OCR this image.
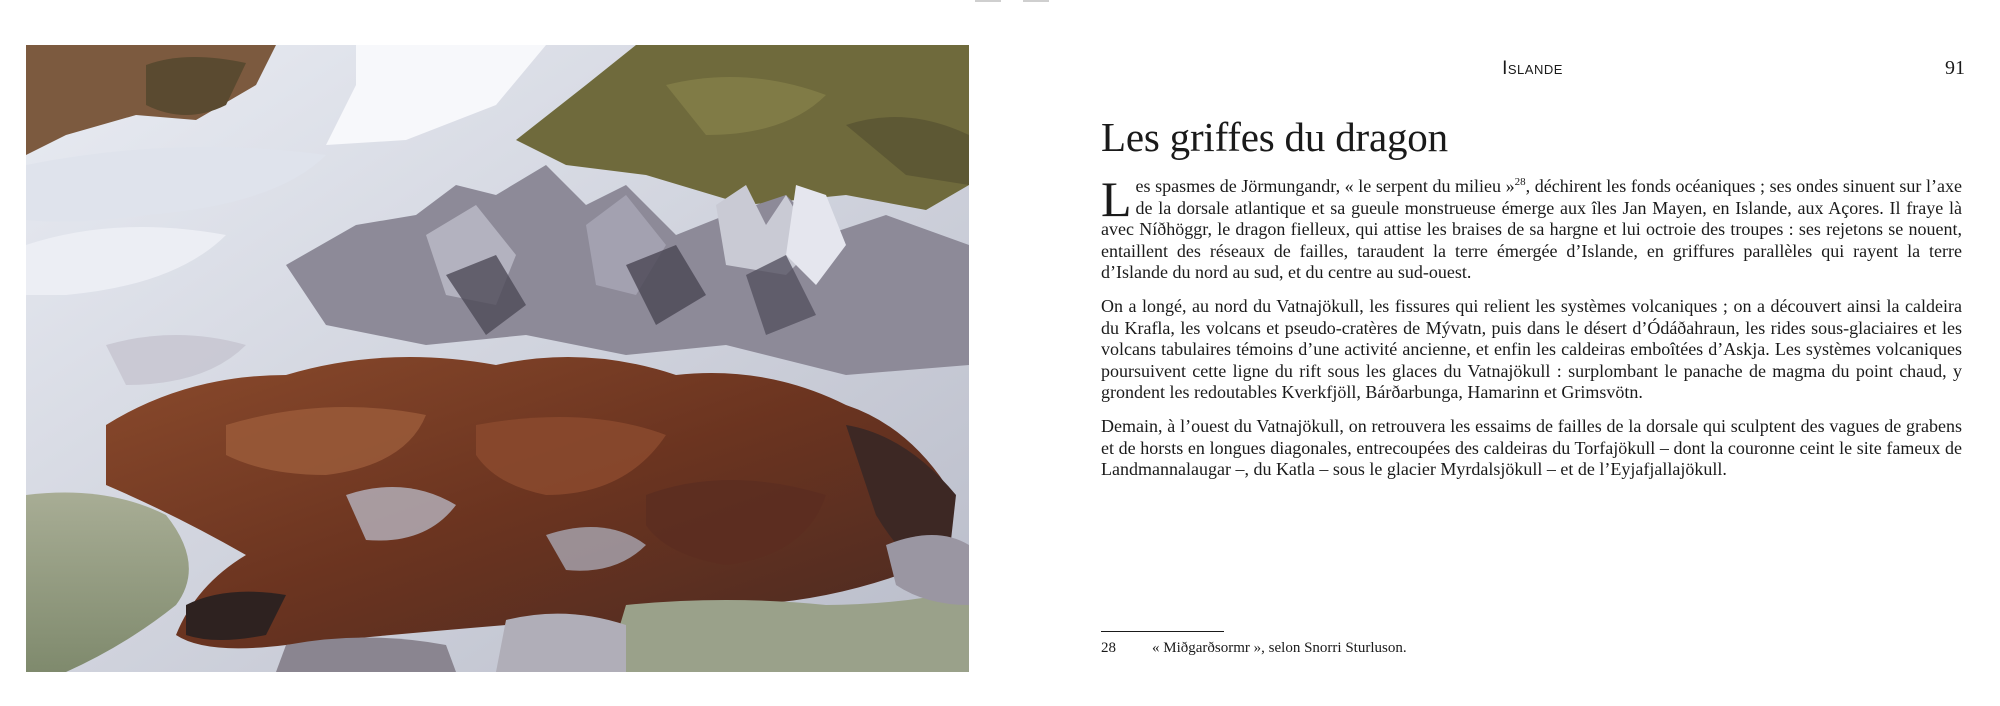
Islande	91
Les griffes du dragon

Les spasmes de Jörmungandr, « le serpent du milieu »$^{28}$, déchirent les fonds océaniques ; ses ondes sinuent sur l’axe de la dorsale atlantique et sa gueule monstrueuse émerge aux îles Jan Mayen, en Islande, aux Açores. Il fraye là avec Níðhöggr, le dragon fielleux, qui attise les braises de sa hargne et lui octroie des troupes : ses rejetons se nouent, entaillent des réseaux de failles, taraudent la terre émergée d’Islande, en griffures parallèles qui rayent la terre d’Islande du nord au sud, et du centre au sud-ouest.

On a longé, au nord du Vatnajökull, les fissures qui relient les systèmes volcaniques ; on a découvert ainsi la caldeira du Krafla, les volcans et pseudo-cratères de Mývatn, puis dans le désert d’Ódáðahraun, les rides sous-glaciaires et les volcans tabulaires témoins d’une activité ancienne, et enfin les caldeiras emboîtées d’Askja. Les systèmes volcaniques poursuivent cette ligne du rift sous les glaces du Vatnajökull : surplombant le panache de magma du point chaud, y grondent les redoutables Kverkfjöll, Bárðarbunga, Hamarinn et Grimsvötn.

Demain, à l’ouest du Vatnajökull, on retrouvera les essaims de failles de la dorsale qui sculptent des vagues de grabens et de horsts en longues diagonales, entrecoupées des caldeiras du Torfajökull – dont la couronne ceint le site fameux de Landmannalaugar –, du Katla – sous le glacier Myrdalsjökull – et de l’Eyjafjallajökull.

28 « Miðgarðsormr », selon Snorri Sturluson.
